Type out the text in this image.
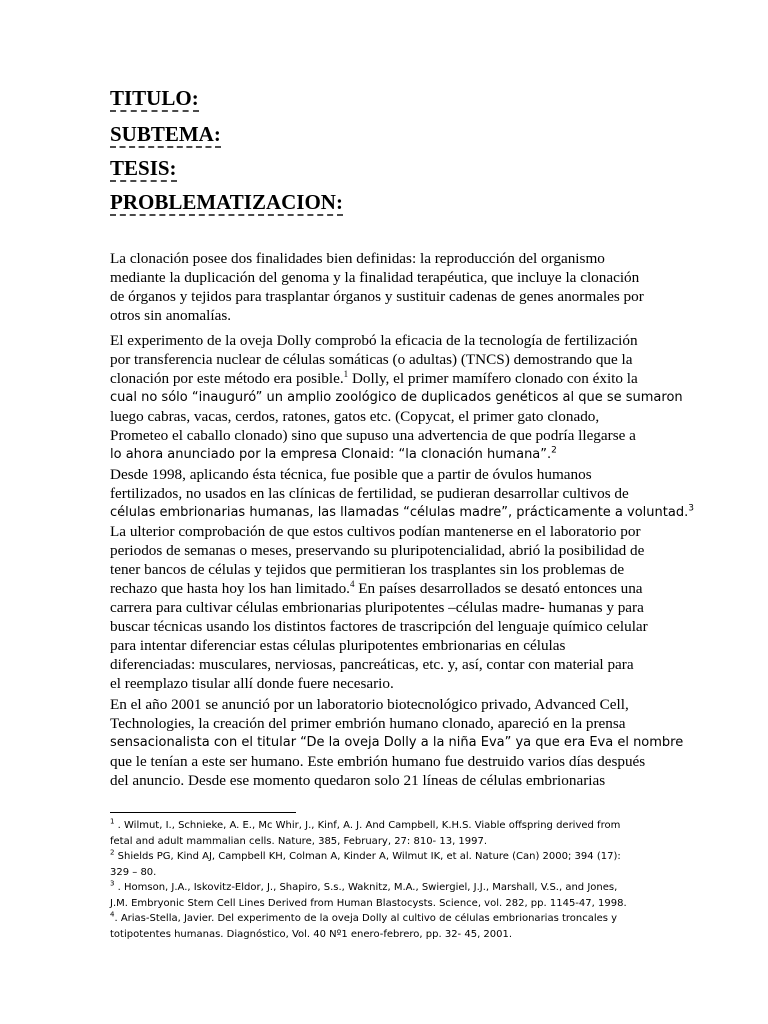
TITULO:
SUBTEMA:
TESIS:
PROBLEMATIZACION:

La clonación posee dos finalidades bien definidas: la reproducción del organismo
mediante la duplicación del genoma y la finalidad terapéutica, que incluye la clonación
de órganos y tejidos para trasplantar órganos y sustituir cadenas de genes anormales por
otros sin anomalías.

El experimento de la oveja Dolly comprobó la eficacia de la tecnología de fertilización
por transferencia nuclear de células somáticas (o adultas) (TNCS) demostrando que la
clonación por este método era posible.$^1$ Dolly, el primer mamífero clonado con éxito la
cual no sólo “inauguró” un amplio zoológico de duplicados genéticos al que se sumaron
luego cabras, vacas, cerdos, ratones, gatos etc. (Copycat, el primer gato clonado,
Prometeo el caballo clonado) sino que supuso una advertencia de que podría llegarse a
lo ahora anunciado por la empresa Clonaid: “la clonación humana”.$^2$

Desde 1998, aplicando ésta técnica, fue posible que a partir de óvulos humanos
fertilizados, no usados en las clínicas de fertilidad, se pudieran desarrollar cultivos de
células embrionarias humanas, las llamadas “células madre”, prácticamente a voluntad.$^3$
La ulterior comprobación de que estos cultivos podían mantenerse en el laboratorio por
periodos de semanas o meses, preservando su pluripotencialidad, abrió la posibilidad de
tener bancos de células y tejidos que permitieran los trasplantes sin los problemas de
rechazo que hasta hoy los han limitado.$^4$ En países desarrollados se desató entonces una
carrera para cultivar células embrionarias pluripotentes –células madre- humanas y para
buscar técnicas usando los distintos factores de trascripción del lenguaje químico celular
para intentar diferenciar estas células pluripotentes embrionarias en células
diferenciadas: musculares, nerviosas, pancreáticas, etc. y, así, contar con material para
el reemplazo tisular allí donde fuere necesario.

En el año 2001 se anunció por un laboratorio biotecnológico privado, Advanced Cell,
Technologies, la creación del primer embrión humano clonado, apareció en la prensa
sensacionalista con el titular “De la oveja Dolly a la niña Eva” ya que era Eva el nombre
que le tenían a este ser humano. Este embrión humano fue destruido varios días después
del anuncio. Desde ese momento quedaron solo 21 líneas de células embrionarias

$^1$ . Wilmut, I., Schnieke, A. E., Mc Whir, J., Kinf, A. J. And Campbell, K.H.S. Viable offspring derived from
fetal and adult mammalian cells. Nature, 385, February, 27: 810- 13, 1997.
$^2$ Shields PG, Kind AJ, Campbell KH, Colman A, Kinder A, Wilmut IK, et al. Nature (Can) 2000; 394 (17):
329 – 80.
$^3$ . Homson, J.A., Iskovitz-Eldor, J., Shapiro, S.s., Waknitz, M.A., Swiergiel, J.J., Marshall, V.S., and Jones,
J.M. Embryonic Stem Cell Lines Derived from Human Blastocysts. Science, vol. 282, pp. 1145-47, 1998.
$^4$. Arias-Stella, Javier. Del experimento de la oveja Dolly al cultivo de células embrionarias troncales y
totipotentes humanas. Diagnóstico, Vol. 40 Nº1 enero-febrero, pp. 32- 45, 2001.
